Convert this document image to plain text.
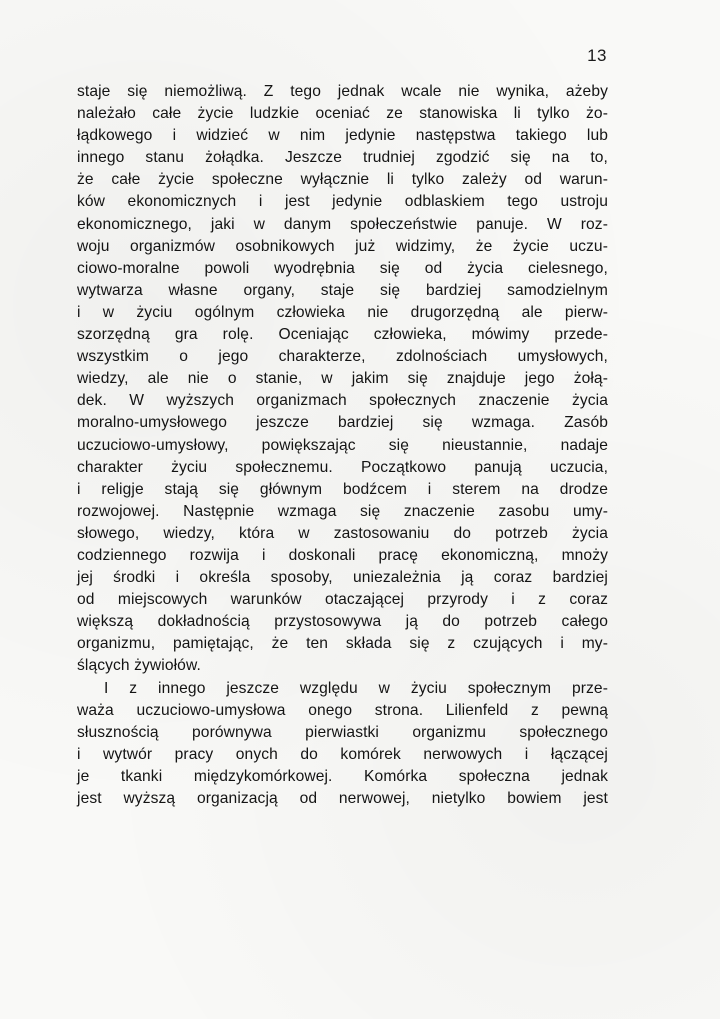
13
staje się niemożliwą. Z tego jednak wcale nie wynika, ażeby
należało całe życie ludzkie oceniać ze stanowiska li tylko żo-
łądkowego i widzieć w nim jedynie następstwa takiego lub
innego stanu żołądka. Jeszcze trudniej zgodzić się na to,
że całe życie społeczne wyłącznie li tylko zależy od warun-
ków ekonomicznych i jest jedynie odblaskiem tego ustroju
ekonomicznego, jaki w danym społeczeństwie panuje. W roz-
woju organizmów osobnikowych już widzimy, że życie uczu-
ciowo-moralne powoli wyodrębnia się od życia cielesnego,
wytwarza własne organy, staje się bardziej samodzielnym
i w życiu ogólnym człowieka nie drugorzędną ale pierw-
szorzędną gra rolę. Oceniając człowieka, mówimy przede-
wszystkim o jego charakterze, zdolnościach umysłowych,
wiedzy, ale nie o stanie, w jakim się znajduje jego żołą-
dek. W wyższych organizmach społecznych znaczenie życia
moralno-umysłowego jeszcze bardziej się wzmaga. Zasób
uczuciowo-umysłowy, powiększając się nieustannie, nadaje
charakter życiu społecznemu. Początkowo panują uczucia,
i religje stają się głównym bodźcem i sterem na drodze
rozwojowej. Następnie wzmaga się znaczenie zasobu umy-
słowego, wiedzy, która w zastosowaniu do potrzeb życia
codziennego rozwija i doskonali pracę ekonomiczną, mnoży
jej środki i określa sposoby, uniezależnia ją coraz bardziej
od miejscowych warunków otaczającej przyrody i z coraz
większą dokładnością przystosowywa ją do potrzeb całego
organizmu, pamiętając, że ten składa się z czujących i my-
ślących żywiołów.
I z innego jeszcze względu w życiu społecznym prze-
waża uczuciowo-umysłowa onego strona. Lilienfeld z pewną
słusznością porównywa pierwiastki organizmu społecznego
i wytwór pracy onych do komórek nerwowych i łączącej
je tkanki międzykomórkowej. Komórka społeczna jednak
jest wyższą organizacją od nerwowej, nietylko bowiem jest
